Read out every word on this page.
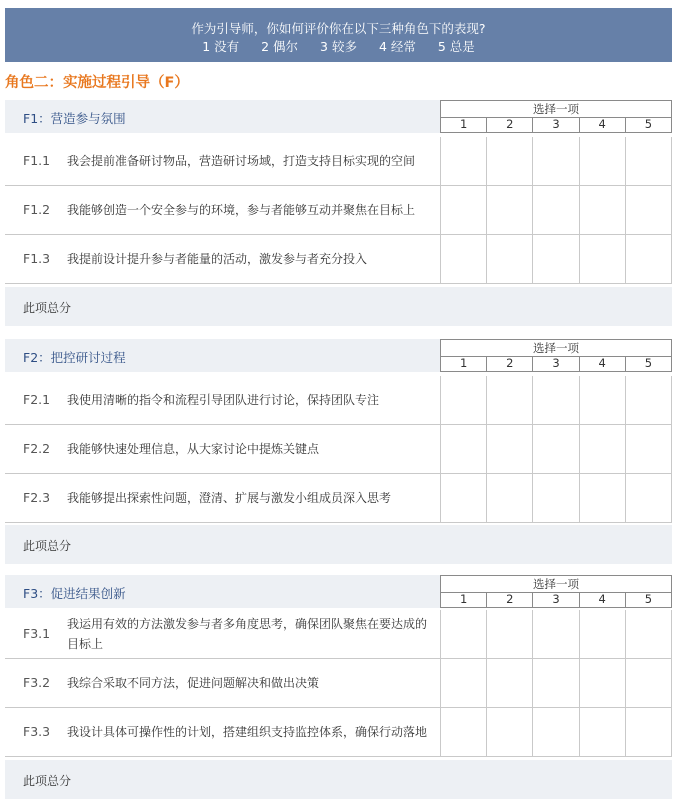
作为引导师，你如何评价你在以下三种角色下的表现?
1 没有 2 偶尔 3 较多 4 经常 5 总是
角色二：实施过程引导（F）
F1：营造参与氛围
选择一项
1	2	3	4	5
F1.1 我会提前准备研讨物品，营造研讨场域，打造支持目标实现的空间
F1.2 我能够创造一个安全参与的环境，参与者能够互动并聚焦在目标上
F1.3 我提前设计提升参与者能量的活动，激发参与者充分投入
此项总分
F2：把控研讨过程
选择一项
1	2	3	4	5
F2.1 我使用清晰的指令和流程引导团队进行讨论，保持团队专注
F2.2 我能够快速处理信息，从大家讨论中提炼关键点
F2.3 我能够提出探索性问题，澄清、扩展与激发小组成员深入思考
此项总分
F3：促进结果创新
选择一项
1	2	3	4	5
F3.1
我运用有效的方法激发参与者多角度思考，确保团队聚焦在要达成的目标上
F3.2 我综合采取不同方法，促进问题解决和做出决策
F3.3 我设计具体可操作性的计划，搭建组织支持监控体系，确保行动落地
此项总分
